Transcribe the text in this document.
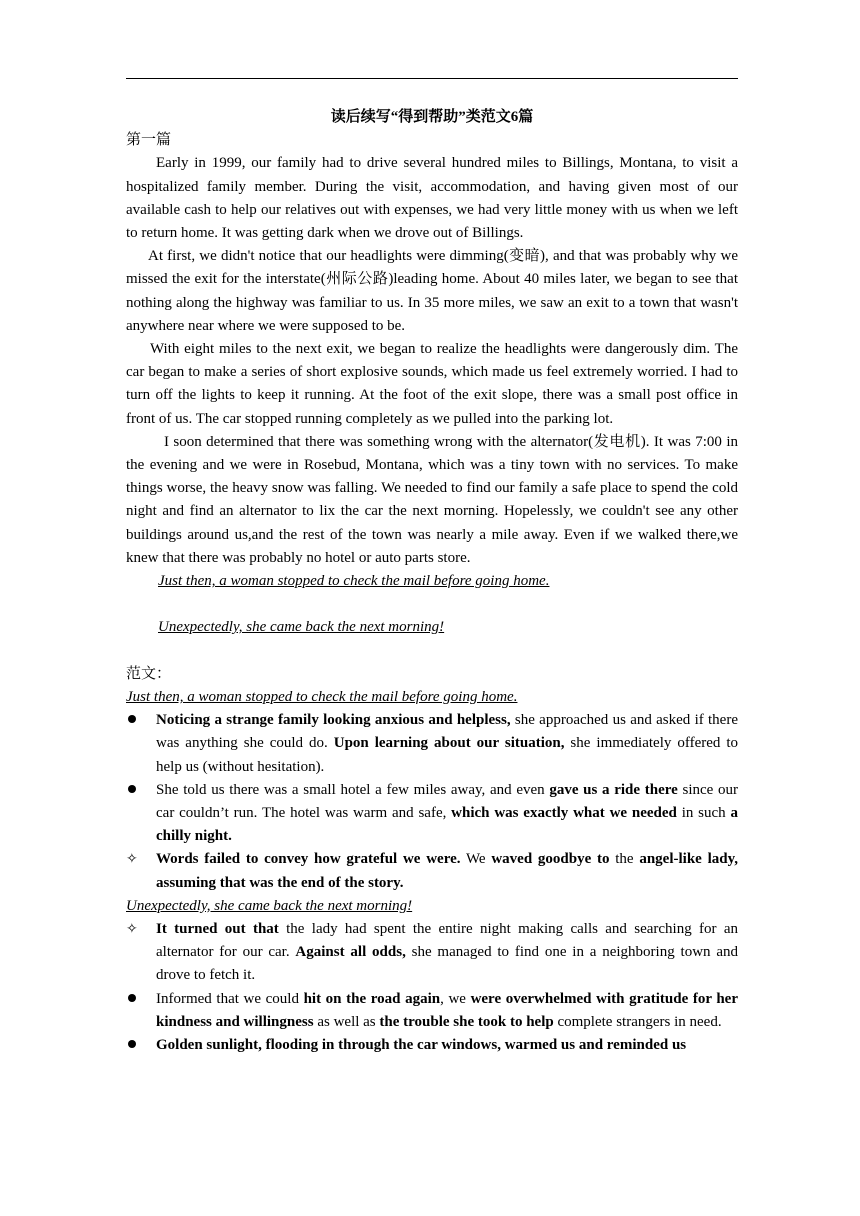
读后续写“得到帮助”类范文6篇

第一篇

Early in 1999, our family had to drive several hundred miles to Billings, Montana, to visit a hospitalized family member. During the visit, accommodation, and having given most of our available cash to help our relatives out with expenses, we had very little money with us when we left to return home. It was getting dark when we drove out of Billings.

At first, we didn't notice that our headlights were dimming(变暗), and that was probably why we missed the exit for the interstate(州际公路)leading home. About 40 miles later, we began to see that nothing along the highway was familiar to us. In 35 more miles, we saw an exit to a town that wasn't anywhere near where we were supposed to be.

With eight miles to the next exit, we began to realize the headlights were dangerously dim. The car began to make a series of short explosive sounds, which made us feel extremely worried. I had to turn off the lights to keep it running. At the foot of the exit slope, there was a small post office in front of us. The car stopped running completely as we pulled into the parking lot.

I soon determined that there was something wrong with the alternator(发电机). It was 7:00 in the evening and we were in Rosebud, Montana, which was a tiny town with no services. To make things worse, the heavy snow was falling. We needed to find our family a safe place to spend the cold night and find an alternator to lix the car the next morning. Hopelessly, we couldn't see any other buildings around us,and the rest of the town was nearly a mile away. Even if we walked there,we knew that there was probably no hotel or auto parts store.

Just then, a woman stopped to check the mail before going home.

Unexpectedly, she came back the next morning!

范文：

Just then, a woman stopped to check the mail before going home.

Noticing a strange family looking anxious and helpless, she approached us and asked if there was anything she could do. Upon learning about our situation, she immediately offered to help us (without hesitation).
She told us there was a small hotel a few miles away, and even gave us a ride there since our car couldn’t run. The hotel was warm and safe, which was exactly what we needed in such a chilly night.
✧	Words failed to convey how grateful we were. We waved goodbye to the angel-like lady, assuming that was the end of the story.

Unexpectedly, she came back the next morning!

✧	It turned out that the lady had spent the entire night making calls and searching for an alternator for our car. Against all odds, she managed to find one in a neighboring town and drove to fetch it.
Informed that we could hit on the road again, we were overwhelmed with gratitude for her kindness and willingness as well as the trouble she took to help complete strangers in need.
Golden sunlight, flooding in through the car windows, warmed us and reminded us
